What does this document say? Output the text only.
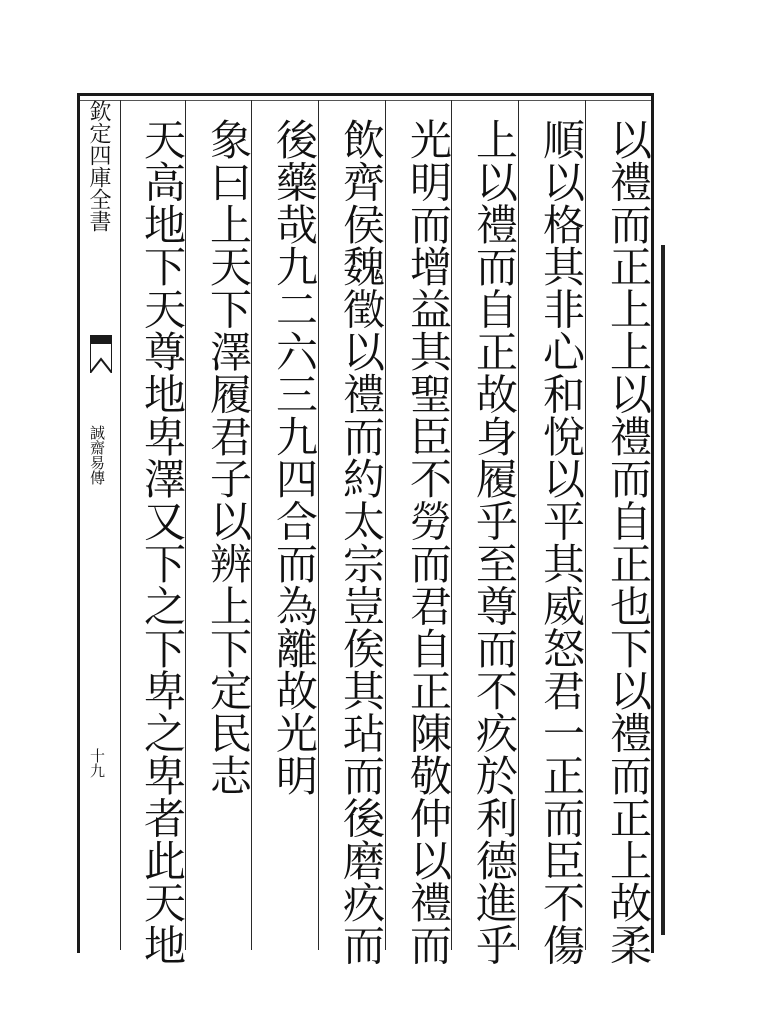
欽定四庫全書
誠齋易傳
十九	以禮而正上上以禮而自正也下以禮而正上故柔
順以格其非心和悅以平其威怒君一正而臣不傷
上以禮而自正故身履乎至尊而不疚於利德進乎
光明而增益其聖臣不勞而君自正陳敬仲以禮而
飲齊侯魏徵以禮而約太宗豈俟其玷而後磨疚而
後藥哉九二六三九四合而為離故光明
象曰上天下澤履君子以辨上下定民志
天高地下天尊地卑澤又下之下卑之卑者此天地
